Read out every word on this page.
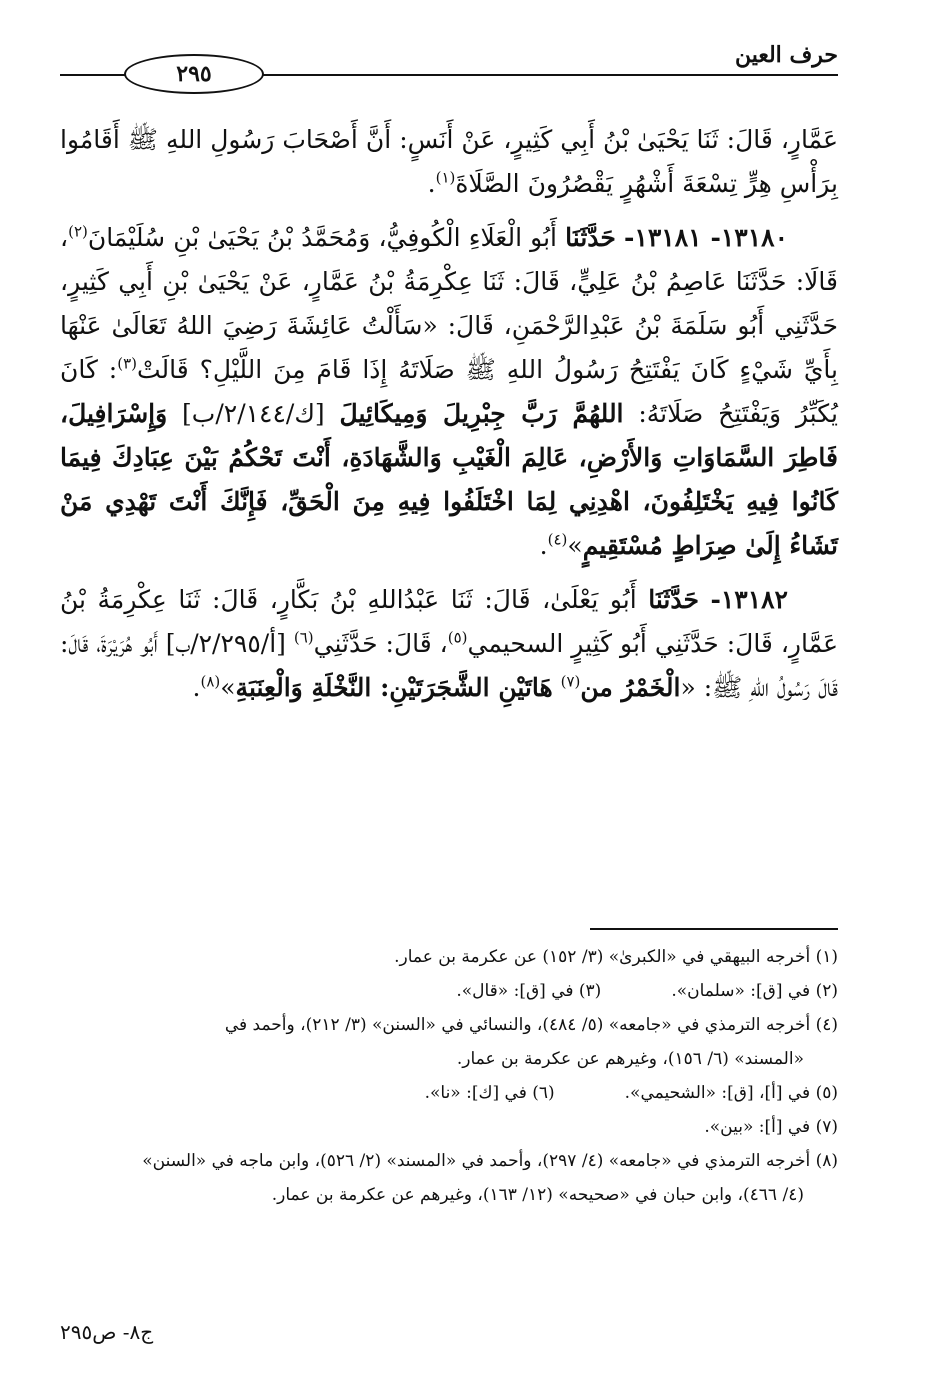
حرف العين
٢٩٥

عَمَّارٍ، قَالَ: ثَنَا يَحْيَىٰ بْنُ أَبِي كَثِيرٍ، عَنْ أَنَسٍ: أَنَّ أَصْحَابَ رَسُولِ اللهِ ﷺ أَقَامُوا بِرَأْسِ هِرٍّ تِسْعَةَ أَشْهُرٍ يَقْصُرُونَ الصَّلَاةَ$^{(١)}$.

١٣١٨٠- ١٣١٨١- حَدَّثَنَا أَبُو الْعَلَاءِ الْكُوفِيُّ، وَمُحَمَّدُ بْنُ يَحْيَىٰ بْنِ سُلَيْمَانَ$^{(٢)}$، قَالَا: حَدَّثَنَا عَاصِمُ بْنُ عَلِيٍّ، قَالَ: ثَنَا عِكْرِمَةُ بْنُ عَمَّارٍ، عَنْ يَحْيَىٰ بْنِ أَبِي كَثِيرٍ، حَدَّثَنِي أَبُو سَلَمَةَ بْنُ عَبْدِالرَّحْمَنِ، قَالَ: «سَأَلْتُ عَائِشَةَ رَضِيَ اللهُ تَعَالَىٰ عَنْهَا بِأَيِّ شَيْءٍ كَانَ يَفْتَتِحُ رَسُولُ اللهِ ﷺ صَلَاتَهُ إِذَا قَامَ مِنَ اللَّيْلِ؟ قَالَتْ$^{(٣)}$: كَانَ يُكَبِّرُ وَيَفْتَتِحُ صَلَاتَهُ: اللهُمَّ رَبَّ جِبْرِيلَ وَمِيكَائِيلَ [ك/٢/١٤٤/ب] وَإِسْرَافِيلَ، فَاطِرَ السَّمَاوَاتِ وَالأَرْضِ، عَالِمَ الْغَيْبِ وَالشَّهَادَةِ، أَنْتَ تَحْكُمُ بَيْنَ عِبَادِكَ فِيمَا كَانُوا فِيهِ يَخْتَلِفُونَ، اهْدِنِي لِمَا اخْتَلَفُوا فِيهِ مِنَ الْحَقِّ، فَإِنَّكَ أَنْتَ تَهْدِي مَنْ تَشَاءُ إِلَىٰ صِرَاطٍ مُسْتَقِيمٍ»$^{(٤)}$.

١٣١٨٢- حَدَّثَنَا أَبُو يَعْلَىٰ، قَالَ: ثَنَا عَبْدُاللهِ بْنُ بَكَّارٍ، قَالَ: ثَنَا عِكْرِمَةُ بْنُ عَمَّارٍ، قَالَ: حَدَّثَنِي أَبُو كَثِيرٍ السحيمي$^{(٥)}$، قَالَ: حَدَّثَنِي$^{(٦)}$ [أ/٢/٢٩٥/ب] أَبُو هُرَيْرَةَ، قَالَ: قَالَ رَسُولُ اللهِ ﷺ: «الْخَمْرُ من$^{(٧)}$ هَاتَيْنِ الشَّجَرَتَيْنِ: النَّخْلَةِ وَالْعِنَبَةِ»$^{(٨)}$.

(١) أخرجه البيهقي في «الكبرىٰ» (٣/ ١٥٢) عن عكرمة بن عمار.
(٢) في [ق]: «سلمان».
(٣) في [ق]: «قال».
(٤) أخرجه الترمذي في «جامعه» (٥/ ٤٨٤)، والنسائي في «السنن» (٣/ ٢١٢)، وأحمد في
«المسند» (٦/ ١٥٦)، وغيرهم عن عكرمة بن عمار.
(٥) في [أ]، [ق]: «الشحيمي».
(٦) في [ك]: «نا».
(٧) في [أ]: «بين».
(٨) أخرجه الترمذي في «جامعه» (٤/ ٢٩٧)، وأحمد في «المسند» (٢/ ٥٢٦)، وابن ماجه في «السنن»
(٤/ ٤٦٦)، وابن حبان في «صحيحه» (١٢/ ١٦٣)، وغيرهم عن عكرمة بن عمار.
ج٨- ص٢٩٥
